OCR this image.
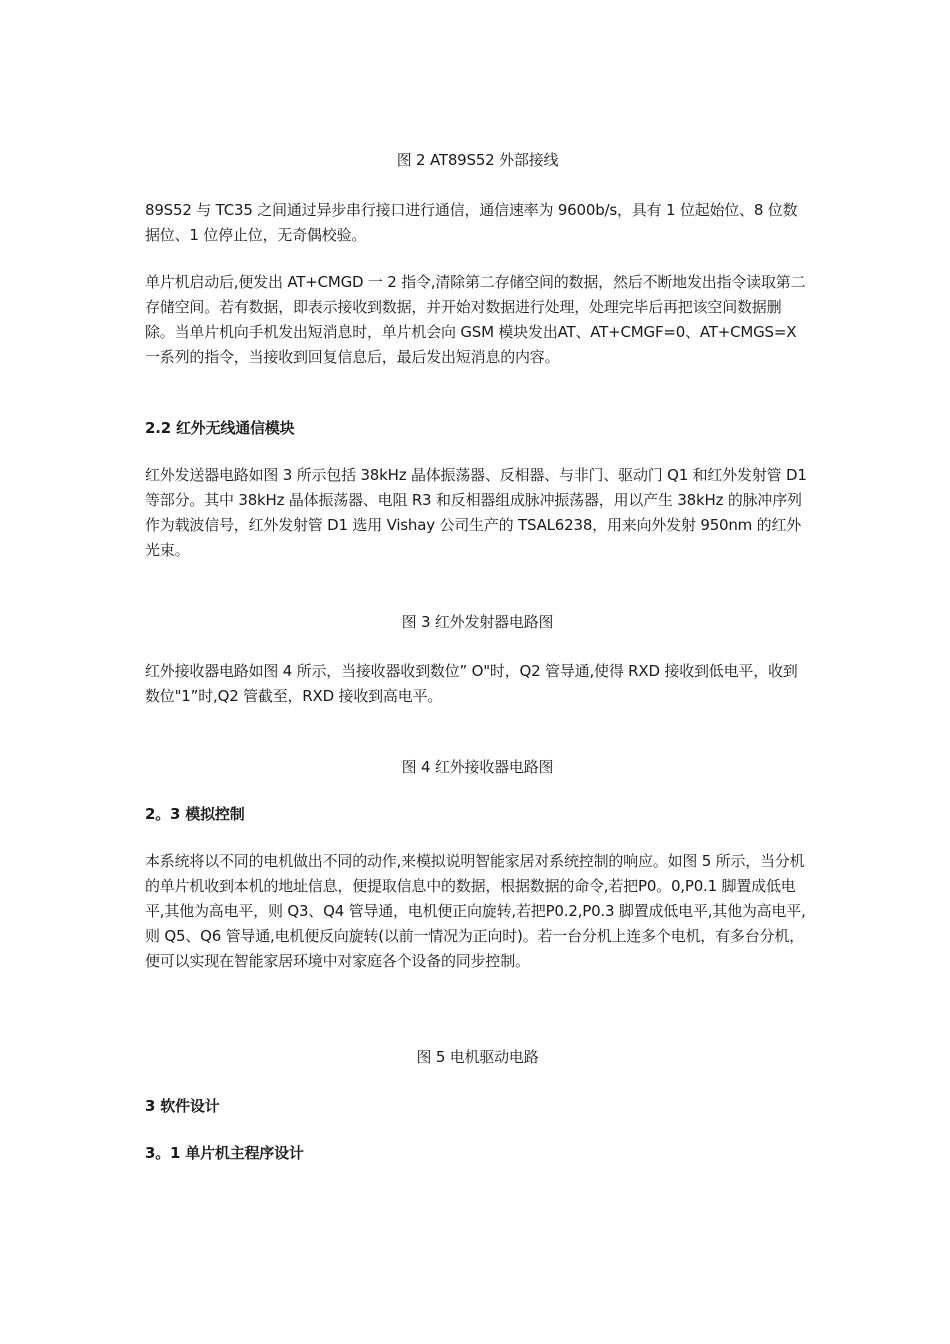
图 2 AT89S52 外部接线

89S52 与 TC35 之间通过异步串行接口进行通信，通信速率为 9600b/s，具有 1 位起始位、8 位数据位、1 位停止位，无奇偶校验。

单片机启动后,便发出 AT+CMGD 一 2 指令,清除第二存储空间的数据，然后不断地发出指令读取第二存储空间。若有数据，即表示接收到数据，并开始对数据进行处理，处理完毕后再把该空间数据删除。当单片机向手机发出短消息时，单片机会向 GSM 模块发出AT、AT+CMGF=0、AT+CMGS=X 一系列的指令，当接收到回复信息后，最后发出短消息的内容。

2.2 红外无线通信模块

红外发送器电路如图 3 所示包括 38kHz 晶体振荡器、反相器、与非门、驱动门 Q1 和红外发射管 D1 等部分。其中 38kHz 晶体振荡器、电阻 R3 和反相器组成脉冲振荡器，用以产生 38kHz 的脉冲序列作为载波信号，红外发射管 D1 选用 Vishay 公司生产的 TSAL6238，用来向外发射 950nm 的红外光束。

图 3 红外发射器电路图

红外接收器电路如图 4 所示，当接收器收到数位” O"时，Q2 管导通,使得 RXD 接收到低电平，收到数位"1”时,Q2 管截至，RXD 接收到高电平。

图 4 红外接收器电路图

2。3 模拟控制

本系统将以不同的电机做出不同的动作,来模拟说明智能家居对系统控制的响应。如图 5 所示，当分机的单片机收到本机的地址信息，便提取信息中的数据，根据数据的命令,若把P0。0,P0.1 脚置成低电平,其他为高电平，则 Q3、Q4 管导通，电机便正向旋转,若把P0.2,P0.3 脚置成低电平,其他为高电平,则 Q5、Q6 管导通,电机便反向旋转(以前一情况为正向时)。若一台分机上连多个电机，有多台分机，便可以实现在智能家居环境中对家庭各个设备的同步控制。

图 5 电机驱动电路

3 软件设计

3。1 单片机主程序设计
